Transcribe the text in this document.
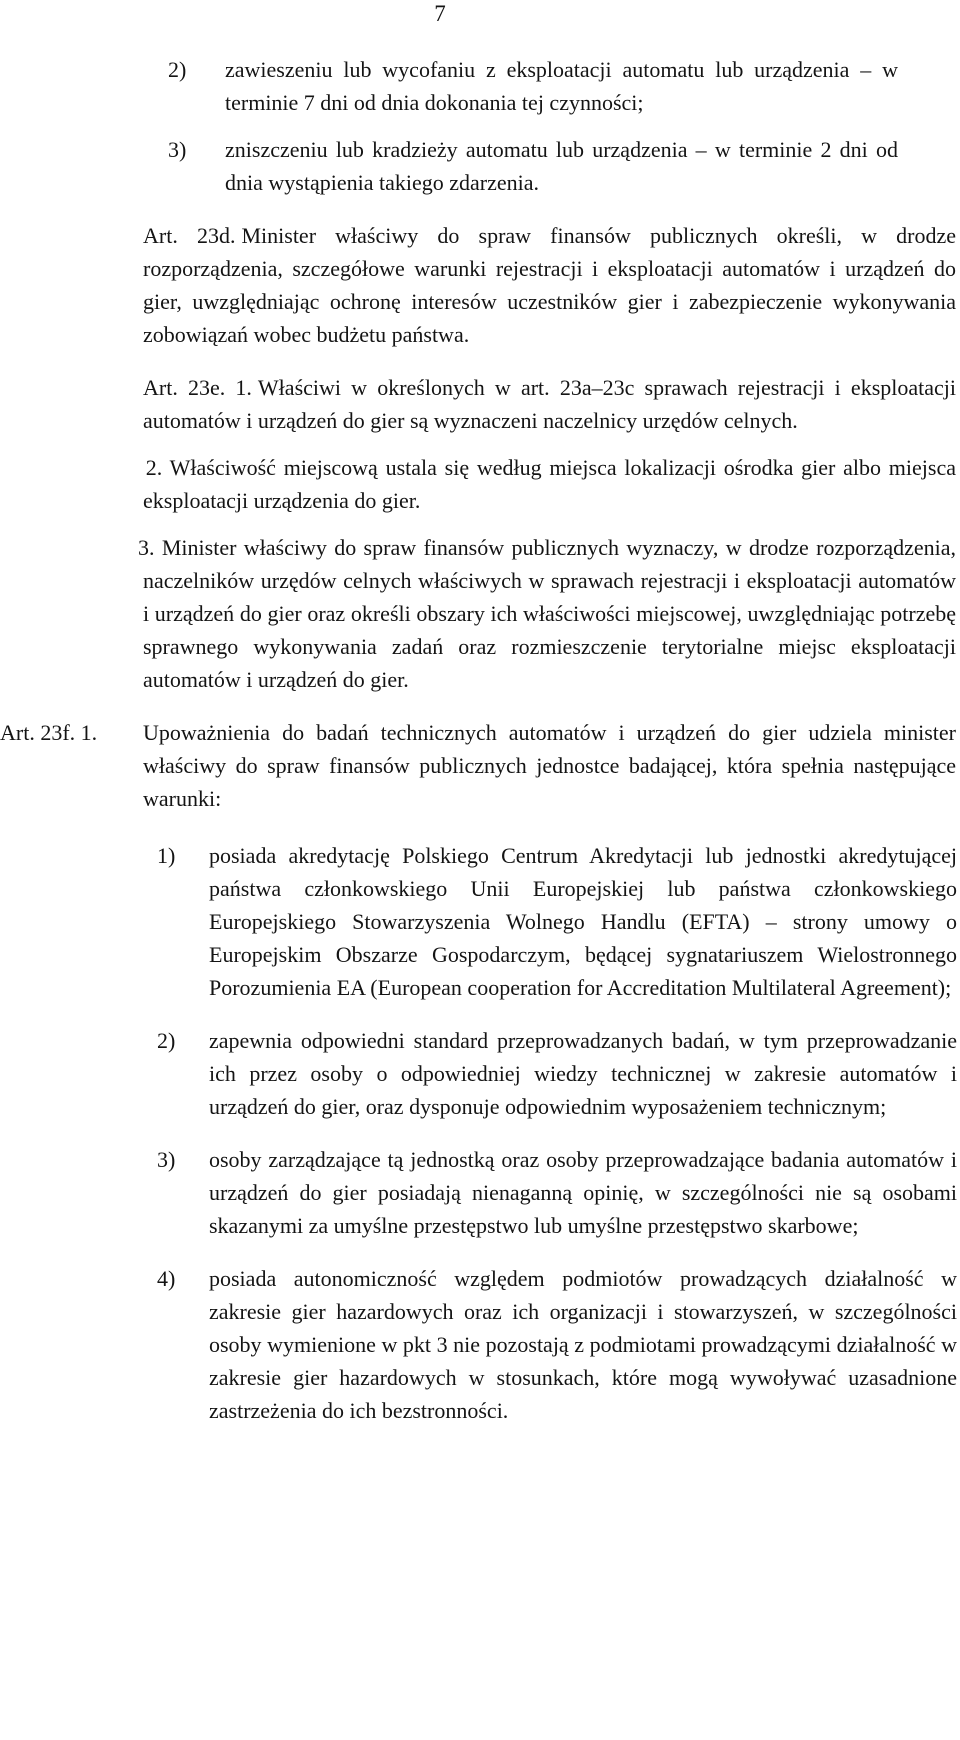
7
2) zawieszeniu lub wycofaniu z eksploatacji automatu lub urządzenia – w terminie 7 dni od dnia dokonania tej czynności;
3) zniszczeniu lub kradzieży automatu lub urządzenia – w terminie 2 dni od dnia wystąpienia takiego zdarzenia.
Art. 23d. Minister właściwy do spraw finansów publicznych określi, w drodze rozporządzenia, szczegółowe warunki rejestracji i eksploatacji automatów i urządzeń do gier, uwzględniając ochronę interesów uczestników gier i zabezpieczenie wykonywania zobowiązań wobec budżetu państwa.
Art. 23e. 1. Właściwi w określonych w art. 23a–23c sprawach rejestracji i eksploatacji automatów i urządzeń do gier są wyznaczeni naczelnicy urzędów celnych.
2. Właściwość miejscową ustala się według miejsca lokalizacji ośrodka gier albo miejsca eksploatacji urządzenia do gier.
3. Minister właściwy do spraw finansów publicznych wyznaczy, w drodze rozporządzenia, naczelników urzędów celnych właściwych w sprawach rejestracji i eksploatacji automatów i urządzeń do gier oraz określi obszary ich właściwości miejscowej, uwzględniając potrzebę sprawnego wykonywania zadań oraz rozmieszczenie terytorialne miejsc eksploatacji automatów i urządzeń do gier.
Art. 23f. 1. Upoważnienia do badań technicznych automatów i urządzeń do gier udziela minister właściwy do spraw finansów publicznych jednostce badającej, która spełnia następujące warunki:
1)	posiada akredytację Polskiego Centrum Akredytacji lub jednostki akredytującej państwa członkowskiego Unii Europejskiej lub państwa członkowskiego Europejskiego Stowarzyszenia Wolnego Handlu (EFTA) – strony umowy o Europejskim Obszarze Gospodarczym, będącej sygnatariuszem Wielostronnego Porozumienia EA (European cooperation for Accreditation Multilateral Agreement);
2)	zapewnia odpowiedni standard przeprowadzanych badań, w tym przeprowadzanie ich przez osoby o odpowiedniej wiedzy technicznej w zakresie automatów i urządzeń do gier, oraz dysponuje odpowiednim wyposażeniem technicznym;
3)	osoby zarządzające tą jednostką oraz osoby przeprowadzające badania automatów i urządzeń do gier posiadają nienaganną opinię, w szczególności nie są osobami skazanymi za umyślne przestępstwo lub umyślne przestępstwo skarbowe;
4)	posiada autonomiczność względem podmiotów prowadzących działalność w zakresie gier hazardowych oraz ich organizacji i stowarzyszeń, w szczególności osoby wymienione w pkt 3 nie pozostają z podmiotami prowadzącymi działalność w zakresie gier hazardowych w stosunkach, które mogą wywoływać uzasadnione zastrzeżenia do ich bezstronności.
